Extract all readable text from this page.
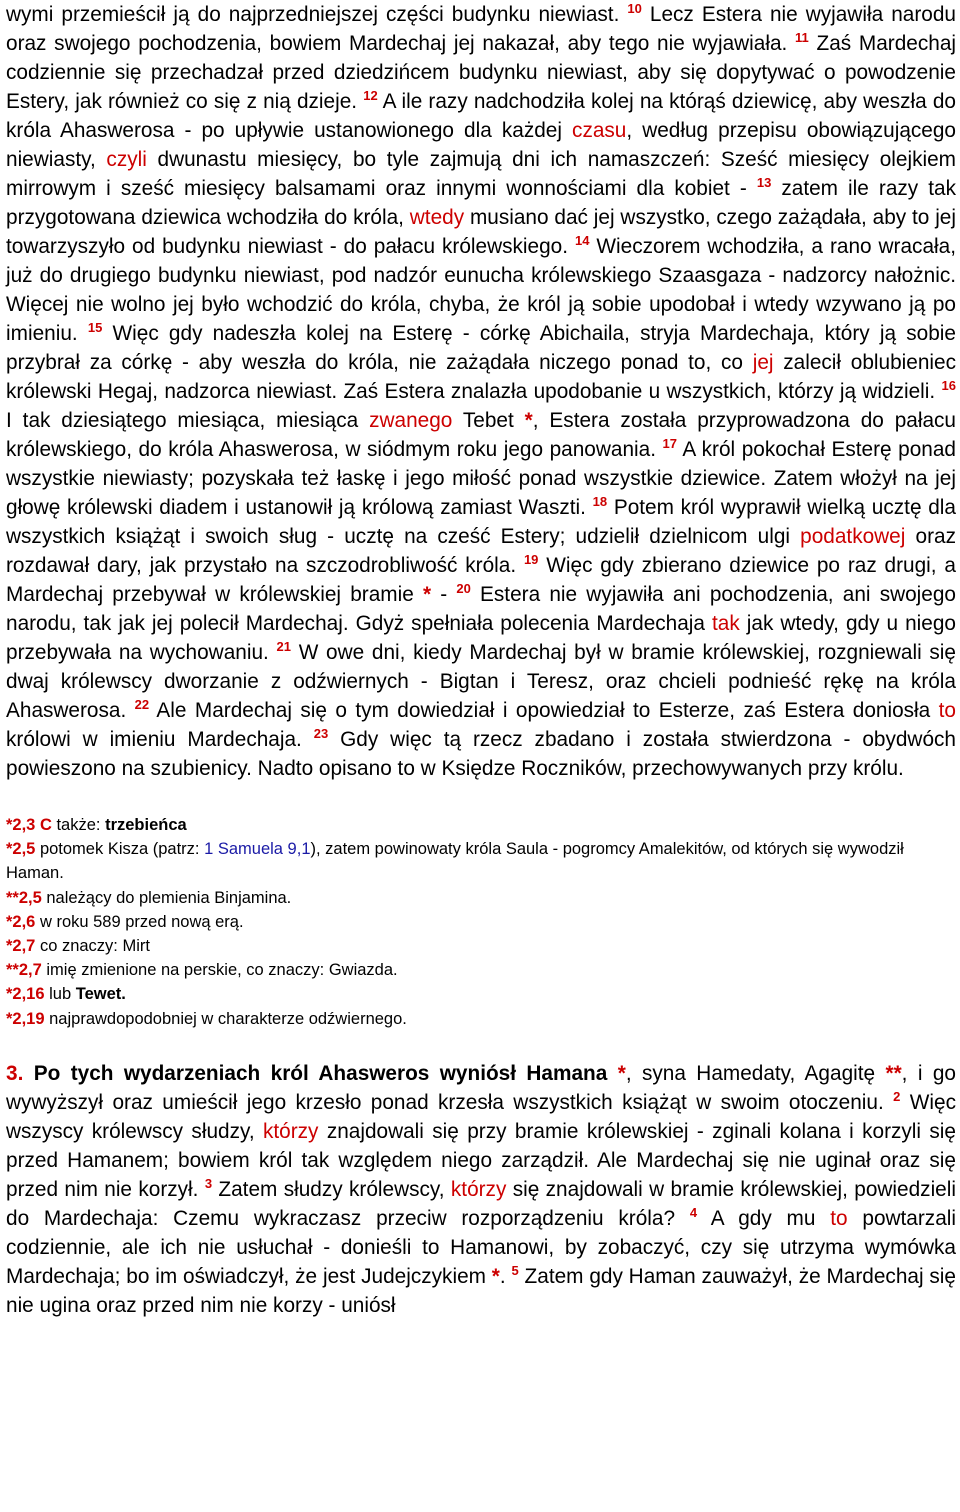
wymi przemieścił ją do najprzedniejszej części budynku niewiast. $^{10}$ Lecz Estera nie wyjawiła narodu oraz swojego pochodzenia, bowiem Mardechaj jej nakazał, aby tego nie wyjawiała. $^{11}$ Zaś Mardechaj codziennie się przechadzał przed dziedzińcem budynku niewiast, aby się dopytywać o powodzenie Estery, jak również co się z nią dzieje. $^{12}$ A ile razy nadchodziła kolej na którąś dziewicę, aby weszła do króla Ahaswerosa - po upływie ustanowionego dla każdej czasu, według przepisu obowiązującego niewiasty, czyli dwunastu miesięcy, bo tyle zajmują dni ich namaszczeń: Sześć miesięcy olejkiem mirrowym i sześć miesięcy balsamami oraz innymi wonnościami dla kobiet - $^{13}$ zatem ile razy tak przygotowana dziewica wchodziła do króla, wtedy musiano dać jej wszystko, czego zażądała, aby to jej towarzyszyło od budynku niewiast - do pałacu królewskiego. $^{14}$ Wieczorem wchodziła, a rano wracała, już do drugiego budynku niewiast, pod nadzór eunucha królewskiego Szaasgaza - nadzorcy nałożnic. Więcej nie wolno jej było wchodzić do króla, chyba, że król ją sobie upodobał i wtedy wzywano ją po imieniu. $^{15}$ Więc gdy nadeszła kolej na Esterę - córkę Abichaila, stryja Mardechaja, który ją sobie przybrał za córkę - aby weszła do króla, nie zażądała niczego ponad to, co jej zalecił oblubieniec królewski Hegaj, nadzorca niewiast. Zaś Estera znalazła upodobanie u wszystkich, którzy ją widzieli. $^{16}$ I tak dziesiątego miesiąca, miesiąca zwanego Tebet *, Estera została przyprowadzona do pałacu królewskiego, do króla Ahaswerosa, w siódmym roku jego panowania. $^{17}$ A król pokochał Esterę ponad wszystkie niewiasty; pozyskała też łaskę i jego miłość ponad wszystkie dziewice. Zatem włożył na jej głowę królewski diadem i ustanowił ją królową zamiast Waszti. $^{18}$ Potem król wyprawił wielką ucztę dla wszystkich książąt i swoich sług - ucztę na cześć Estery; udzielił dzielnicom ulgi podatkowej oraz rozdawał dary, jak przystało na szczodrobliwość króla. $^{19}$ Więc gdy zbierano dziewice po raz drugi, a Mardechaj przebywał w królewskiej bramie * - $^{20}$ Estera nie wyjawiła ani pochodzenia, ani swojego narodu, tak jak jej polecił Mardechaj. Gdyż spełniała polecenia Mardechaja tak jak wtedy, gdy u niego przebywała na wychowaniu. $^{21}$ W owe dni, kiedy Mardechaj był w bramie królewskiej, rozgniewali się dwaj królewscy dworzanie z odźwiernych - Bigtan i Teresz, oraz chcieli podnieść rękę na króla Ahaswerosa. $^{22}$ Ale Mardechaj się o tym dowiedział i opowiedział to Esterze, zaś Estera doniosła to królowi w imieniu Mardechaja. $^{23}$ Gdy więc tą rzecz zbadano i została stwierdzona - obydwóch powieszono na szubienicy. Nadto opisano to w Księdze Roczników, przechowywanych przy królu.

*2,3 C także: trzebieńca

*2,5 potomek Kisza (patrz: 1 Samuela 9,1), zatem powinowaty króla Saula - pogromcy Amalekitów, od których się wywodził Haman.

**2,5 należący do plemienia Binjamina.

*2,6 w roku 589 przed nową erą.

*2,7 co znaczy: Mirt

**2,7 imię zmienione na perskie, co znaczy: Gwiazda.

*2,16 lub Tewet.

*2,19 najprawdopodobniej w charakterze odźwiernego.

3. Po tych wydarzeniach król Ahasweros wyniósł Hamana *, syna Hamedaty, Agagitę **, i go wywyższył oraz umieścił jego krzesło ponad krzesła wszystkich książąt w swoim otoczeniu. $^2$ Więc wszyscy królewscy słudzy, którzy znajdowali się przy bramie królewskiej - zginali kolana i korzyli się przed Hamanem; bowiem król tak względem niego zarządził. Ale Mardechaj się nie uginał oraz się przed nim nie korzył. $^3$ Zatem słudzy królewscy, którzy się znajdowali w bramie królewskiej, powiedzieli do Mardechaja: Czemu wykraczasz przeciw rozporządzeniu króla? $^4$ A gdy mu to powtarzali codziennie, ale ich nie usłuchał - donieśli to Hamanowi, by zobaczyć, czy się utrzyma wymówka Mardechaja; bo im oświadczył, że jest Judejczykiem *. $^5$ Zatem gdy Haman zauważył, że Mardechaj się nie ugina oraz przed nim nie korzy - uniósł
